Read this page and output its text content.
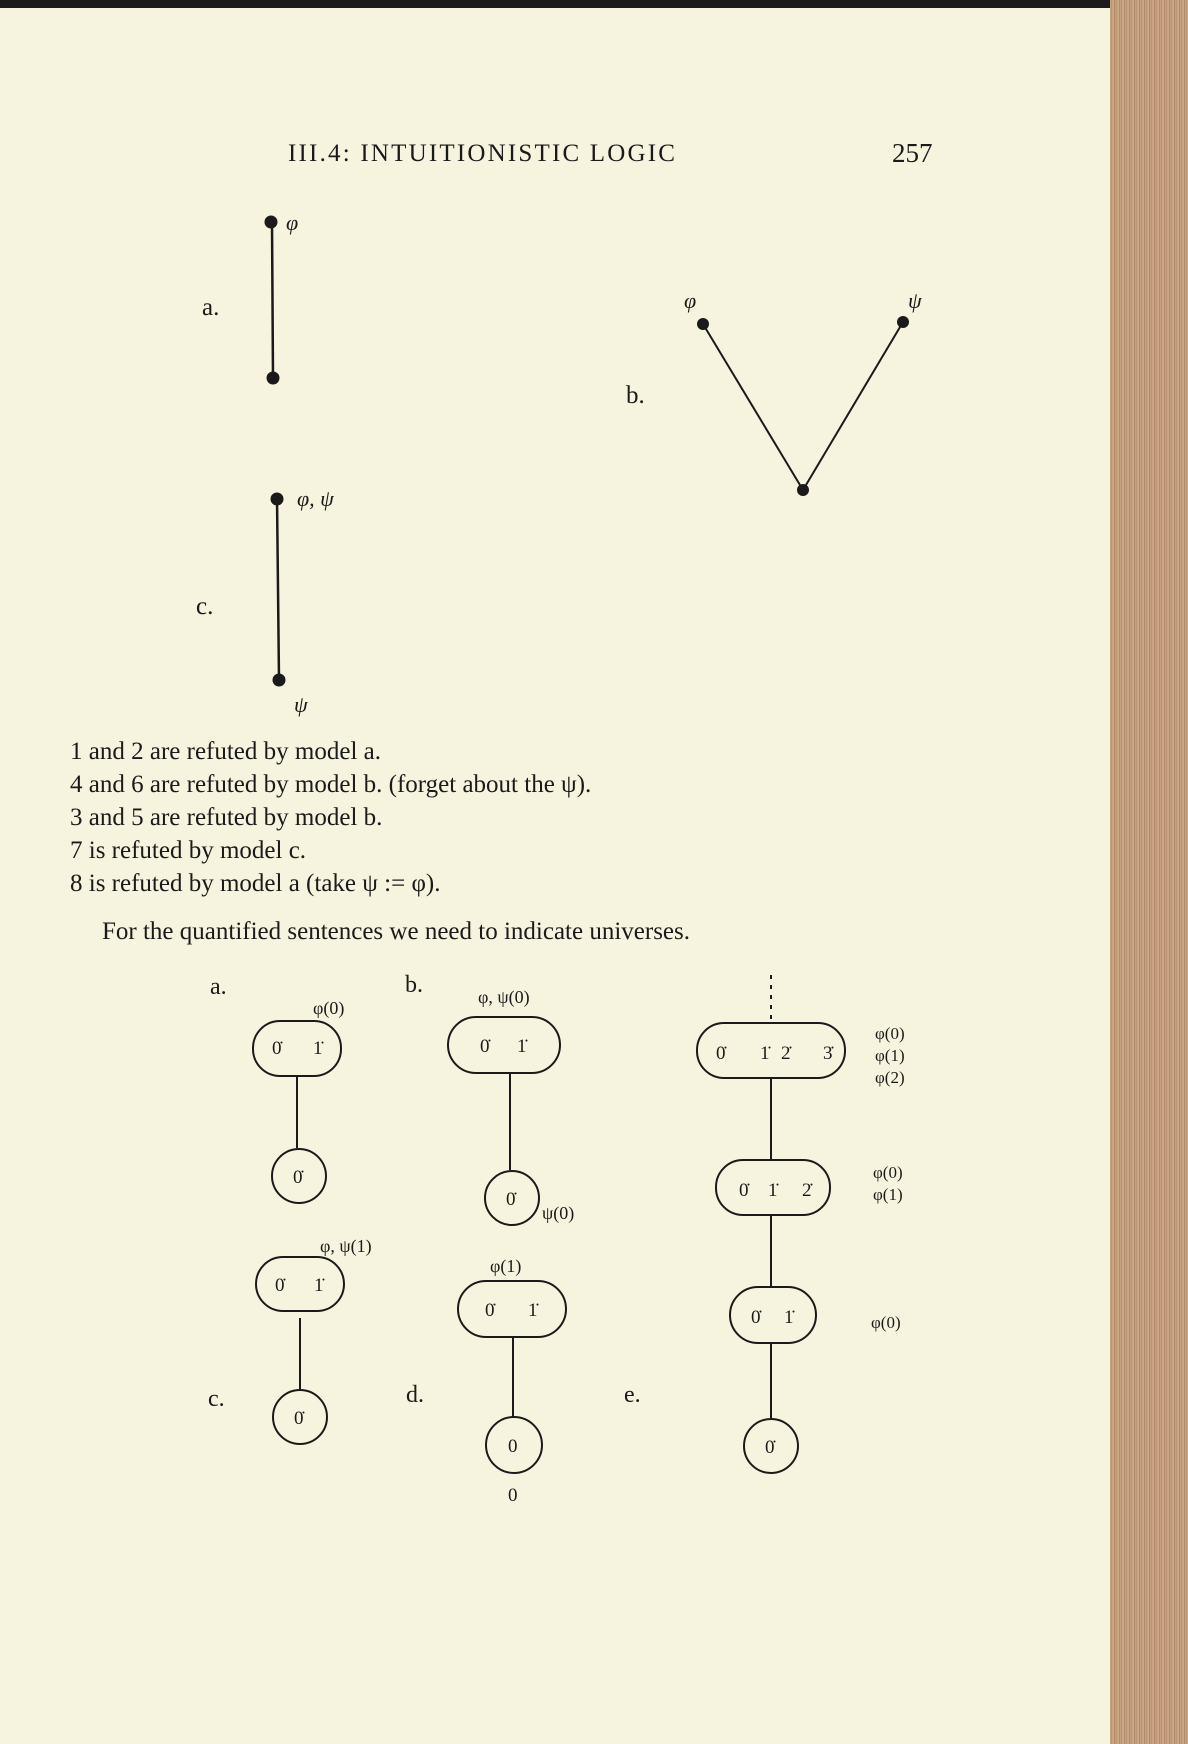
III.4: INTUITIONISTIC LOGIC	257
a.
φ
b.
φ	ψ
c.
φ, ψ
ψ
1 and 2 are refuted by model a.
4 and 6 are refuted by model b. (forget about the ψ).
3 and 5 are refuted by model b.
7 is refuted by model c.
8 is refuted by model a (take ψ := φ).
For the quantified sentences we need to indicate universes.
a.	b.
c.	d.	e.
φ(0)
0̇ 1̇
0̇
φ, ψ(0)
0̇ 1̇
0̇
ψ(0)
φ, ψ(1)
0̇ 1̇
0̇
φ(1)
0̇ 1̇
0
0
0̇ 1̇ 2̇ 3̇
φ(0)
φ(1)
φ(2)
0̇ 1̇ 2̇
φ(0)
φ(1)
0̇ 1̇	φ(0)
0̇
